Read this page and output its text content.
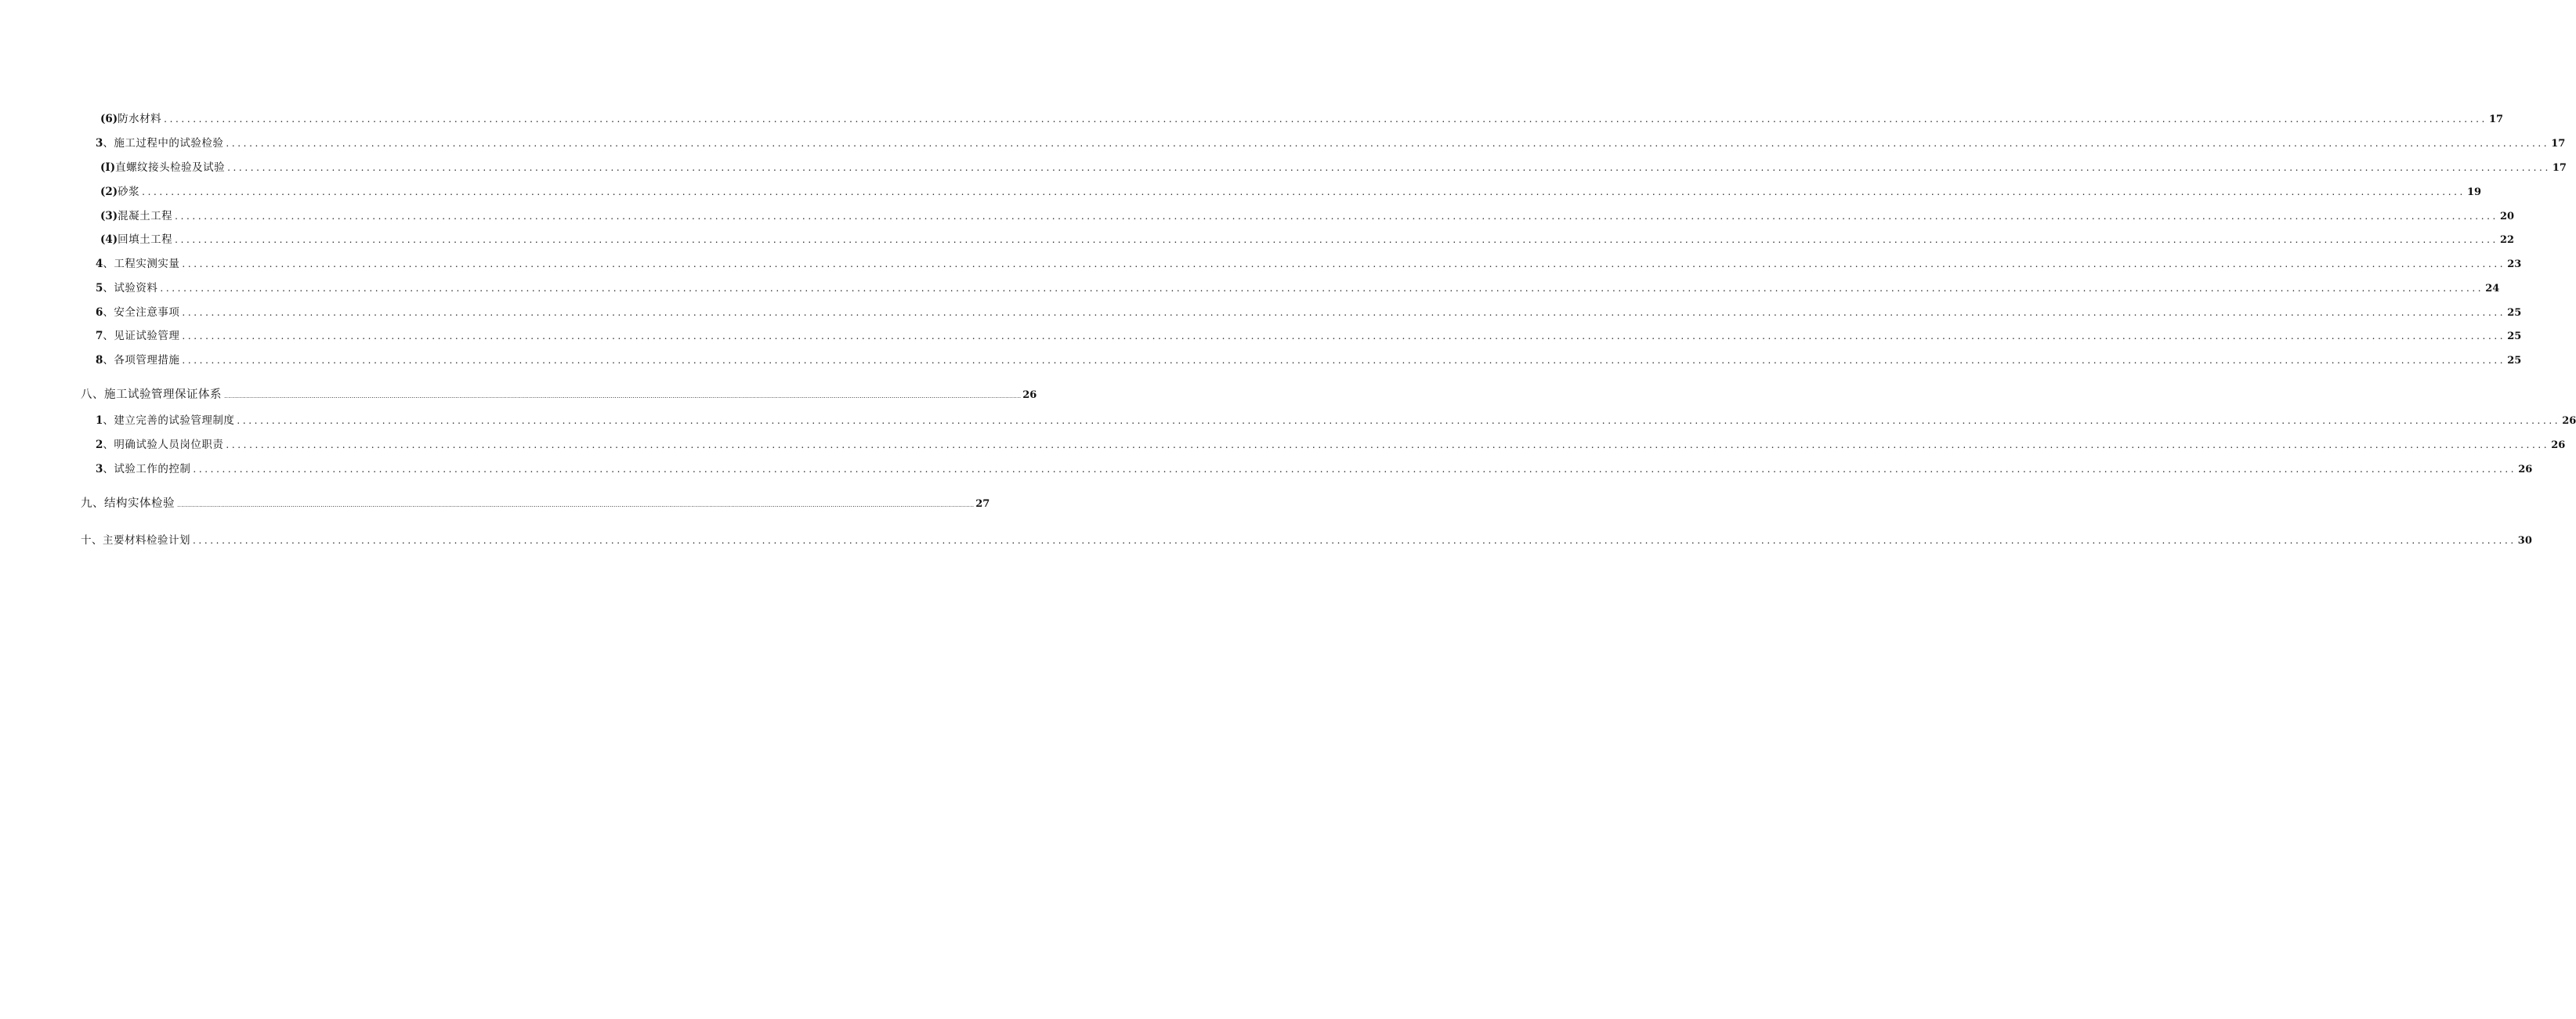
(6) 防水材料 ................................................................................................................................................................................................................................................................................................................................................................................................................ 17
3 、施工过程中的试验检验 ................................................................................................................................................................................................................................................................................................................................................................................................................ 17
(I) 直螺纹接头检验及试验 ................................................................................................................................................................................................................................................................................................................................................................................................................ 17
(2) 砂浆 ................................................................................................................................................................................................................................................................................................................................................................................................................ 19
(3) 混凝土工程 ................................................................................................................................................................................................................................................................................................................................................................................................................ 20
(4) 回填土工程 ................................................................................................................................................................................................................................................................................................................................................................................................................ 22
4 、工程实测实量 ................................................................................................................................................................................................................................................................................................................................................................................................................ 23
5 、试验资料 ................................................................................................................................................................................................................................................................................................................................................................................................................ 24
6 、安全注意事项 ................................................................................................................................................................................................................................................................................................................................................................................................................ 25
7 、见证试验管理 ................................................................................................................................................................................................................................................................................................................................................................................................................ 25
8 、各项管理措施 ................................................................................................................................................................................................................................................................................................................................................................................................................ 25
八、施工试验管理保证体系 ................................................................................................................................................................................................................................................................................................................................................................................................................ 26
1 、建立完善的试验管理制度 ................................................................................................................................................................................................................................................................................................................................................................................................................ 26
2 、明确试验人员岗位职责 ................................................................................................................................................................................................................................................................................................................................................................................................................ 26
3 、试验工作的控制 ................................................................................................................................................................................................................................................................................................................................................................................................................ 26
九、结构实体检验 ................................................................................................................................................................................................................................................................................................................................................................................................................ 27
十、主要材料检验计划 ................................................................................................................................................................................................................................................................................................................................................................................................................ 30
